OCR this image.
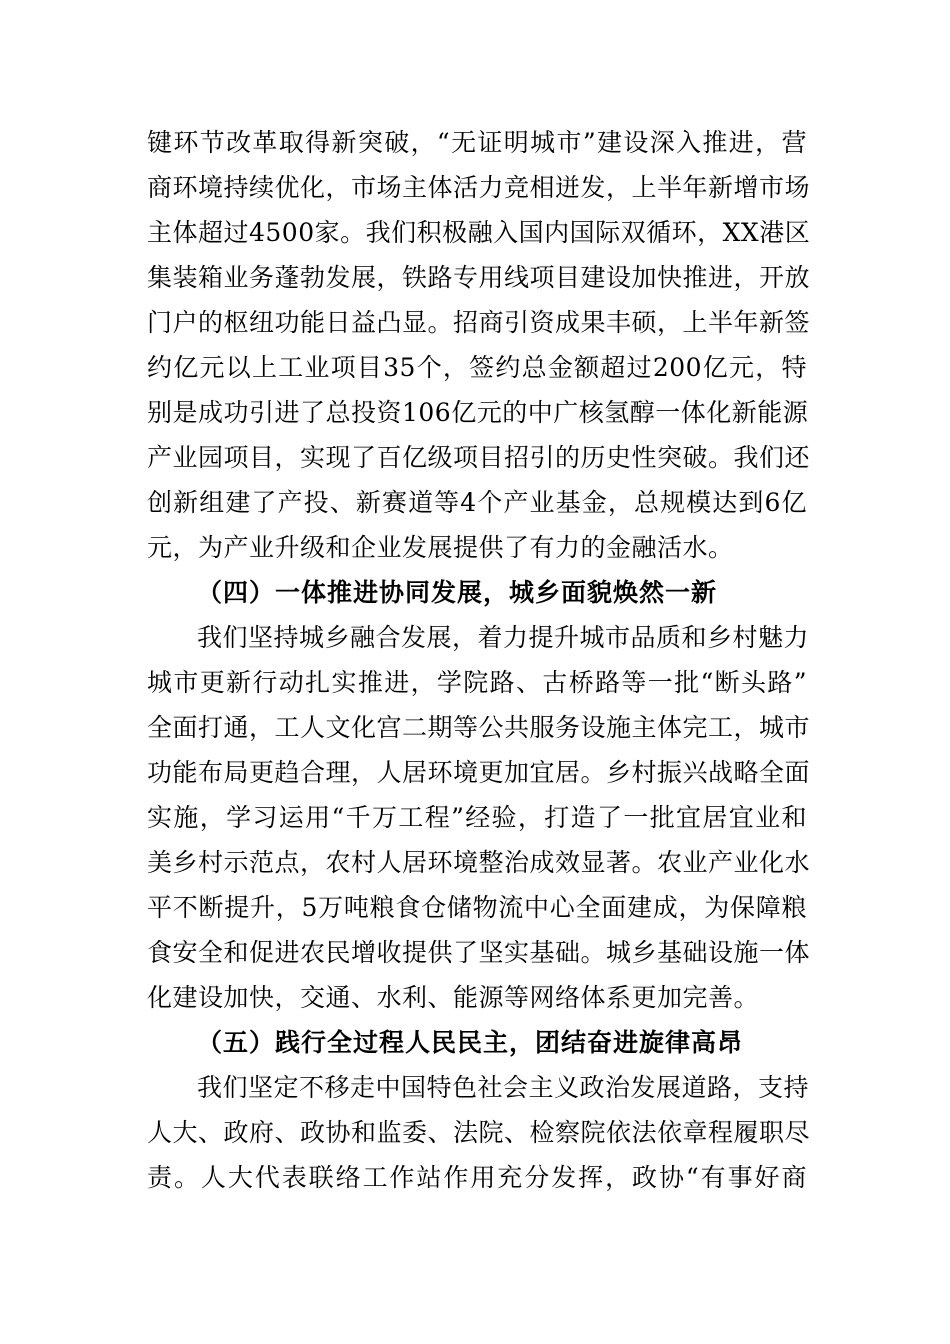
键环节改革取得新突破，“无证明城市”建设深入推进，营
商环境持续优化，市场主体活力竞相迸发，上半年新增市场
主体超过4500家。我们积极融入国内国际双循环，XX港区
集装箱业务蓬勃发展，铁路专用线项目建设加快推进，开放
门户的枢纽功能日益凸显。招商引资成果丰硕，上半年新签
约亿元以上工业项目35个，签约总金额超过200亿元，特
别是成功引进了总投资106亿元的中广核氢醇一体化新能源
产业园项目，实现了百亿级项目招引的历史性突破。我们还
创新组建了产投、新赛道等4个产业基金，总规模达到6亿
元，为产业升级和企业发展提供了有力的金融活水。
（四）一体推进协同发展，城乡面貌焕然一新
我们坚持城乡融合发展，着力提升城市品质和乡村魅力
城市更新行动扎实推进，学院路、古桥路等一批“断头路”
全面打通，工人文化宫二期等公共服务设施主体完工，城市
功能布局更趋合理，人居环境更加宜居。乡村振兴战略全面
实施，学习运用“千万工程”经验，打造了一批宜居宜业和
美乡村示范点，农村人居环境整治成效显著。农业产业化水
平不断提升，5万吨粮食仓储物流中心全面建成，为保障粮
食安全和促进农民增收提供了坚实基础。城乡基础设施一体
化建设加快，交通、水利、能源等网络体系更加完善。
（五）践行全过程人民民主，团结奋进旋律高昂
我们坚定不移走中国特色社会主义政治发展道路，支持
人大、政府、政协和监委、法院、检察院依法依章程履职尽
责。人大代表联络工作站作用充分发挥，政协“有事好商
